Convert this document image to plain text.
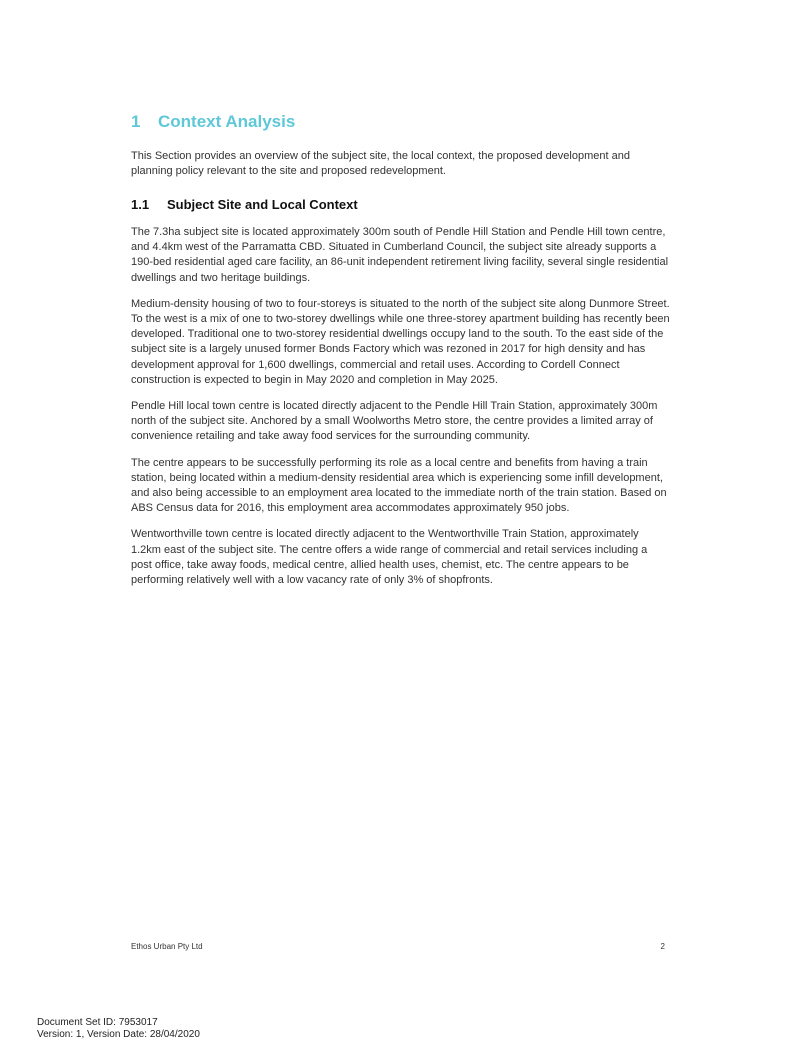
1 Context Analysis

This Section provides an overview of the subject site, the local context, the proposed development and planning policy relevant to the site and proposed redevelopment.

1.1 Subject Site and Local Context

The 7.3ha subject site is located approximately 300m south of Pendle Hill Station and Pendle Hill town centre, and 4.4km west of the Parramatta CBD. Situated in Cumberland Council, the subject site already supports a 190-bed residential aged care facility, an 86-unit independent retirement living facility, several single residential dwellings and two heritage buildings.

Medium-density housing of two to four-storeys is situated to the north of the subject site along Dunmore Street. To the west is a mix of one to two-storey dwellings while one three-storey apartment building has recently been developed. Traditional one to two-storey residential dwellings occupy land to the south. To the east side of the subject site is a largely unused former Bonds Factory which was rezoned in 2017 for high density and has development approval for 1,600 dwellings, commercial and retail uses. According to Cordell Connect construction is expected to begin in May 2020 and completion in May 2025.

Pendle Hill local town centre is located directly adjacent to the Pendle Hill Train Station, approximately 300m north of the subject site. Anchored by a small Woolworths Metro store, the centre provides a limited array of convenience retailing and take away food services for the surrounding community.

The centre appears to be successfully performing its role as a local centre and benefits from having a train station, being located within a medium-density residential area which is experiencing some infill development, and also being accessible to an employment area located to the immediate north of the train station. Based on ABS Census data for 2016, this employment area accommodates approximately 950 jobs.

Wentworthville town centre is located directly adjacent to the Wentworthville Train Station, approximately 1.2km east of the subject site. The centre offers a wide range of commercial and retail services including a post office, take away foods, medical centre, allied health uses, chemist, etc. The centre appears to be performing relatively well with a low vacancy rate of only 3% of shopfronts.

Ethos Urban Pty Ltd	2
Document Set ID: 7953017
Version: 1, Version Date: 28/04/2020
